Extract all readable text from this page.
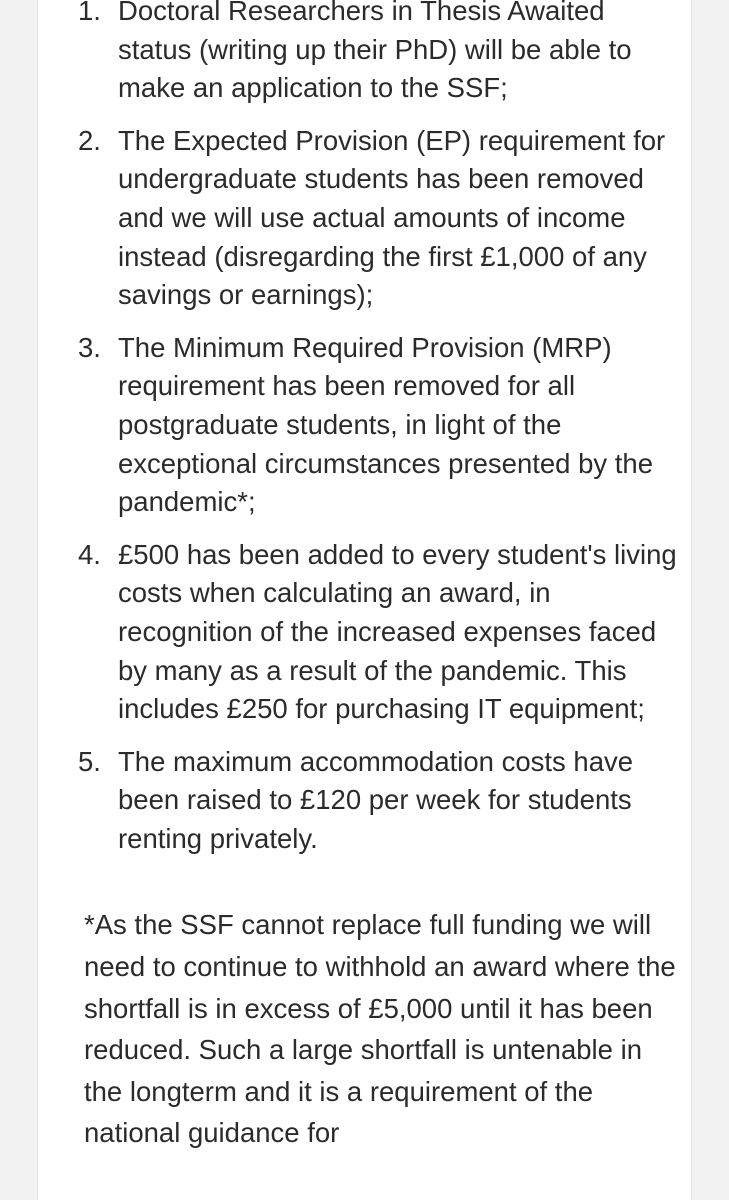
1. Doctoral Researchers in Thesis Awaited status (writing up their PhD) will be able to make an application to the SSF;
2. The Expected Provision (EP) requirement for undergraduate students has been removed and we will use actual amounts of income instead (disregarding the first £1,000 of any savings or earnings);
3. The Minimum Required Provision (MRP) requirement has been removed for all postgraduate students, in light of the exceptional circumstances presented by the pandemic*;
4. £500 has been added to every student's living costs when calculating an award, in recognition of the increased expenses faced by many as a result of the pandemic. This includes £250 for purchasing IT equipment;
5. The maximum accommodation costs have been raised to £120 per week for students renting privately.

*As the SSF cannot replace full funding we will need to continue to withhold an award where the shortfall is in excess of £5,000 until it has been reduced. Such a large shortfall is untenable in the longterm and it is a requirement of the national guidance for
